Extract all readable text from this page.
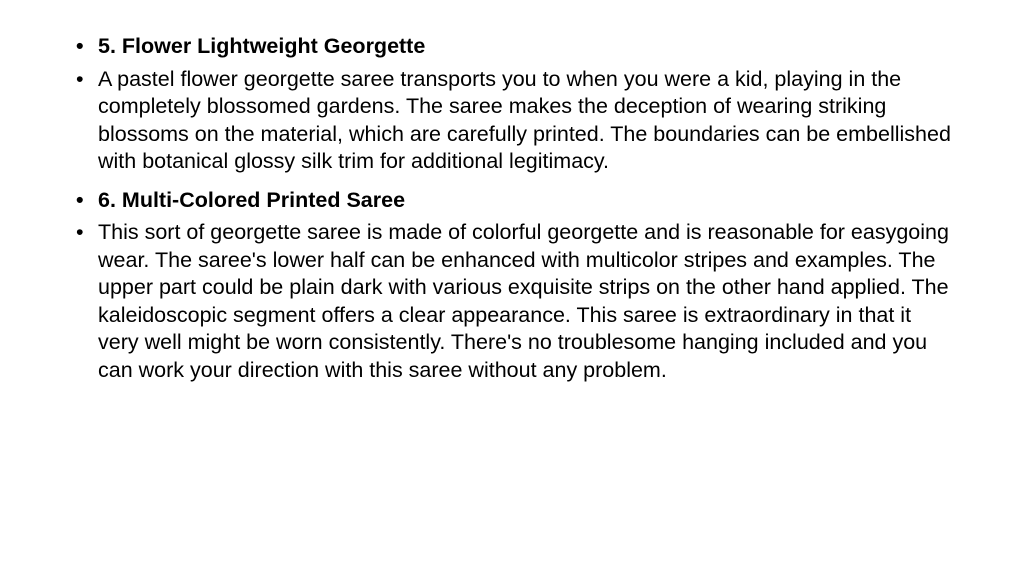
• 5. Flower Lightweight Georgette
• A pastel flower georgette saree transports you to when you were a kid, playing in the completely blossomed gardens. The saree makes the deception of wearing striking blossoms on the material, which are carefully printed. The boundaries can be embellished with botanical glossy silk trim for additional legitimacy.
• 6. Multi-Colored Printed Saree
• This sort of georgette saree is made of colorful georgette and is reasonable for easygoing wear. The saree's lower half can be enhanced with multicolor stripes and examples. The upper part could be plain dark with various exquisite strips on the other hand applied. The kaleidoscopic segment offers a clear appearance. This saree is extraordinary in that it very well might be worn consistently. There's no troublesome hanging included and you can work your direction with this saree without any problem.
